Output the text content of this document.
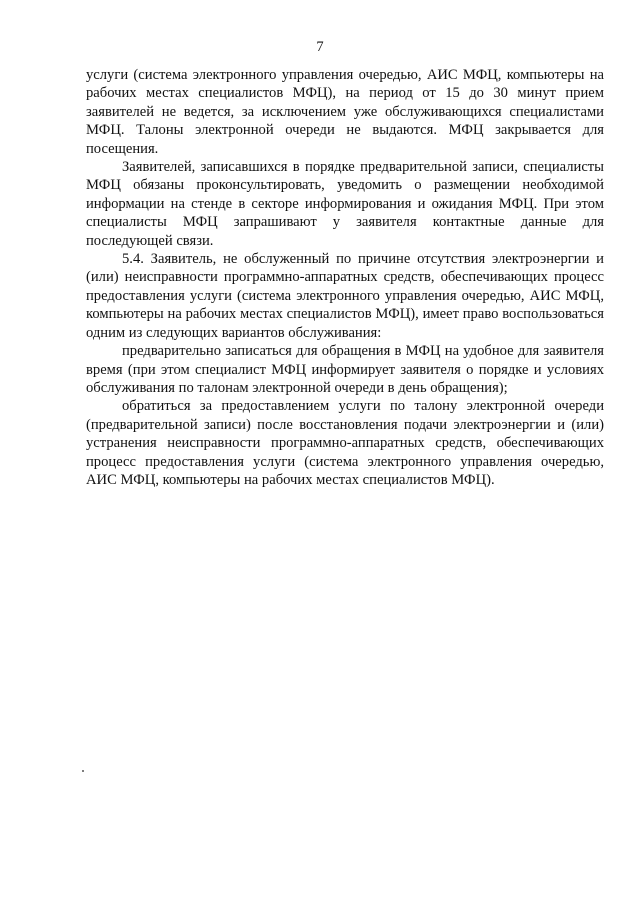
7

услуги (система электронного управления очередью, АИС МФЦ, компьютеры на рабочих местах специалистов МФЦ), на период от 15 до 30 минут прием заявителей не ведется, за исключением уже обслуживающихся специалистами МФЦ. Талоны электронной очереди не выдаются. МФЦ закрывается для посещения.

Заявителей, записавшихся в порядке предварительной записи, специалисты МФЦ обязаны проконсультировать, уведомить о размещении необходимой информации на стенде в секторе информирования и ожидания МФЦ. При этом специалисты МФЦ запрашивают у заявителя контактные данные для последующей связи.

5.4. Заявитель, не обслуженный по причине отсутствия электроэнергии и (или) неисправности программно-аппаратных средств, обеспечивающих процесс предоставления услуги (система электронного управления очередью, АИС МФЦ, компьютеры на рабочих местах специалистов МФЦ), имеет право воспользоваться одним из следующих вариантов обслуживания:

предварительно записаться для обращения в МФЦ на удобное для заявителя время (при этом специалист МФЦ информирует заявителя о порядке и условиях обслуживания по талонам электронной очереди в день обращения);

обратиться за предоставлением услуги по талону электронной очереди (предварительной записи) после восстановления подачи электроэнергии и (или) устранения неисправности программно-аппаратных средств, обеспечивающих процесс предоставления услуги (система электронного управления очередью, АИС МФЦ, компьютеры на рабочих местах специалистов МФЦ).
